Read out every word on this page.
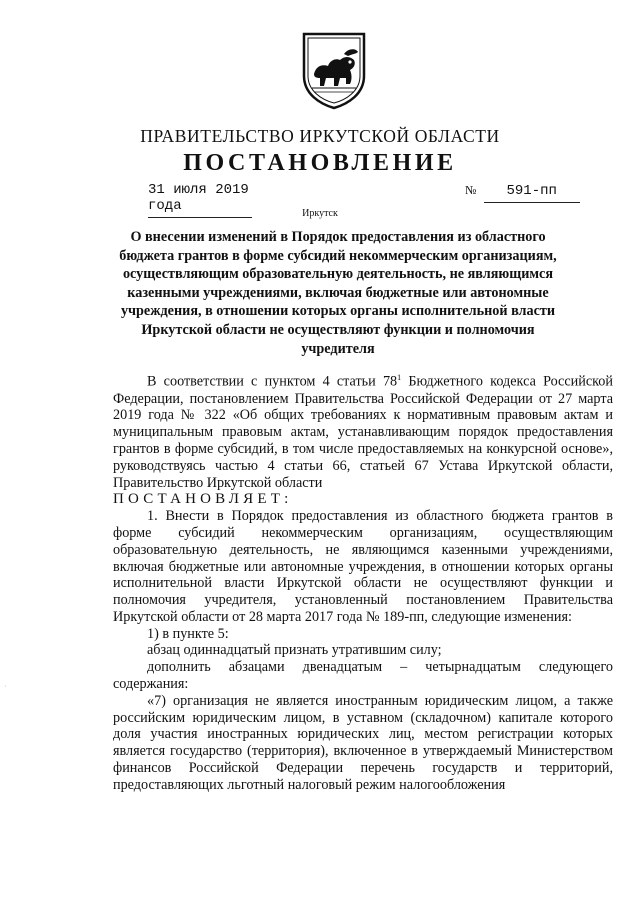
ПРАВИТЕЛЬСТВО ИРКУТСКОЙ ОБЛАСТИ
ПОСТАНОВЛЕНИЕ
31 июля 2019 года
№ 591-пп
Иркутск
О внесении изменений в Порядок предоставления из областного бюджета грантов в форме субсидий некоммерческим организациям, осуществляющим образовательную деятельность, не являющимся казенными учреждениями, включая бюджетные или автономные учреждения, в отношении которых органы исполнительной власти Иркутской области не осуществляют функции и полномочия учредителя

В соответствии с пунктом 4 статьи $78^1$ Бюджетного кодекса Российской Федерации, постановлением Правительства Российской Федерации от 27 марта 2019 года № 322 «Об общих требованиях к нормативным правовым актам и муниципальным правовым актам, устанавливающим порядок предоставления грантов в форме субсидий, в том числе предоставляемых на конкурсной основе», руководствуясь частью 4 статьи 66, статьей 67 Устава Иркутской области, Правительство Иркутской области

ПОСТАНОВЛЯЕТ:

1. Внести в Порядок предоставления из областного бюджета грантов в форме субсидий некоммерческим организациям, осуществляющим образовательную деятельность, не являющимся казенными учреждениями, включая бюджетные или автономные учреждения, в отношении которых органы исполнительной власти Иркутской области не осуществляют функции и полномочия учредителя, установленный постановлением Правительства Иркутской области от 28 марта 2017 года № 189-пп, следующие изменения:

1) в пункте 5:

абзац одиннадцатый признать утратившим силу;

дополнить абзацами двенадцатым – четырнадцатым следующего содержания:

«7) организация не является иностранным юридическим лицом, а также российским юридическим лицом, в уставном (складочном) капитале которого доля участия иностранных юридических лиц, местом регистрации которых является государство (территория), включенное в утверждаемый Министерством финансов Российской Федерации перечень государств и территорий, предоставляющих льготный налоговый режим налогообложения

·
